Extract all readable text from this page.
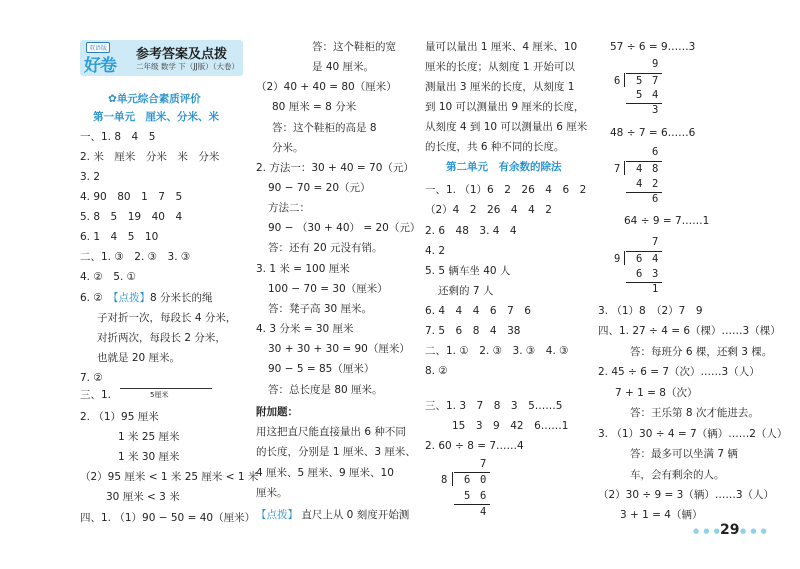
双语版
好卷
参考答案及点拨
二年级 数学 下（JJ版）（大卷）
✿单元综合素质评价
第一单元　厘米、分米、米
一、1. 8　4　5
2. 米　厘米　分米　米　分米
3. 2
4. 90　80　1　7　5
5. 8　5　19　40　4
6. 1　4　5　10
二、1. ③　2. ③　3. ③
4. ②　5. ①
6. ②　 【点拨】8 分米长的绳
子对折一次，每段长 4 分米，
对折两次，每段长 2 分米，
也就是 20 厘米。
7. ②
三、1.	5厘米
2. （1）95 厘米
1 米 25 厘米
1 米 30 厘米
（2）95 厘米 < 1 米 25 厘米 < 1 米
30 厘米 < 3 米
四、1. （1）90 − 50 = 40（厘米）
答：这个鞋柜的宽
是 40 厘米。
（2）40 + 40 = 80（厘米）
80 厘米 = 8 分米
答：这个鞋柜的高是 8
分米。
2. 方法一：30 + 40 = 70（元）
90 − 70 = 20（元）
方法二：
90 − （30 + 40） = 20（元）
答：还有 20 元没有销。
3. 1 米 = 100 厘米
100 − 70 = 30（厘米）
答：凳子高 30 厘米。
4. 3 分米 = 30 厘米
30 + 30 + 30 = 90（厘米）
90 − 5 = 85（厘米）
答：总长度是 80 厘米。
附加题：
用这把直尺能直接量出 6 种不同
的长度，分别是 1 厘米、3 厘米、
4 厘米、5 厘米、9 厘米、10
厘米。
【点拨】 直尺上从 0 刻度开始测
量可以量出 1 厘米、4 厘米、10
厘米的长度；从刻度 1 开始可以
测量出 3 厘米的长度，从刻度 1
到 10 可以测量出 9 厘米的长度，
从刻度 4 到 10 可以测量出 6 厘米
的长度，共 6 种不同的长度。
第二单元　有余数的除法
一、1. （1）6　2　26　4　6　2
（2）4　2　26　4　4　2
2. 6　48　3. 4　4
4. 2
5. 5 辆车坐 40 人
还剩的 7 人
6. 4　4　4　6　7　6
7. 5　6　8　4　38
二、1. ①　2. ③　3. ③　4. ③
8. ②
三、1. 3　7　8　3　5……5
15　3　9　42　6……1
2. 60 ÷ 8 = 7……4
7
8 6 0
5 6
4
57 ÷ 6 = 9……3
9
6 5 7
5 4
3
48 ÷ 7 = 6……6
6
7 4 8
4 2
6
64 ÷ 9 = 7……1
7
9 6 4
6 3
1
3. （1）8　（2）7　9
四、1. 27 ÷ 4 = 6（棵）……3（棵）
答：每班分 6 棵，还剩 3 棵。
2. 45 ÷ 6 = 7（次）……3（人）
7 + 1 = 8（次）
答：王乐第 8 次才能进去。
3. （1）30 ÷ 4 = 7（辆）……2（人）
答：最多可以坐满 7 辆
车，会有剩余的人。
（2）30 ÷ 9 = 3（辆）……3（人）
3 + 1 = 4（辆）
● ● ● 29 ● ● ●
